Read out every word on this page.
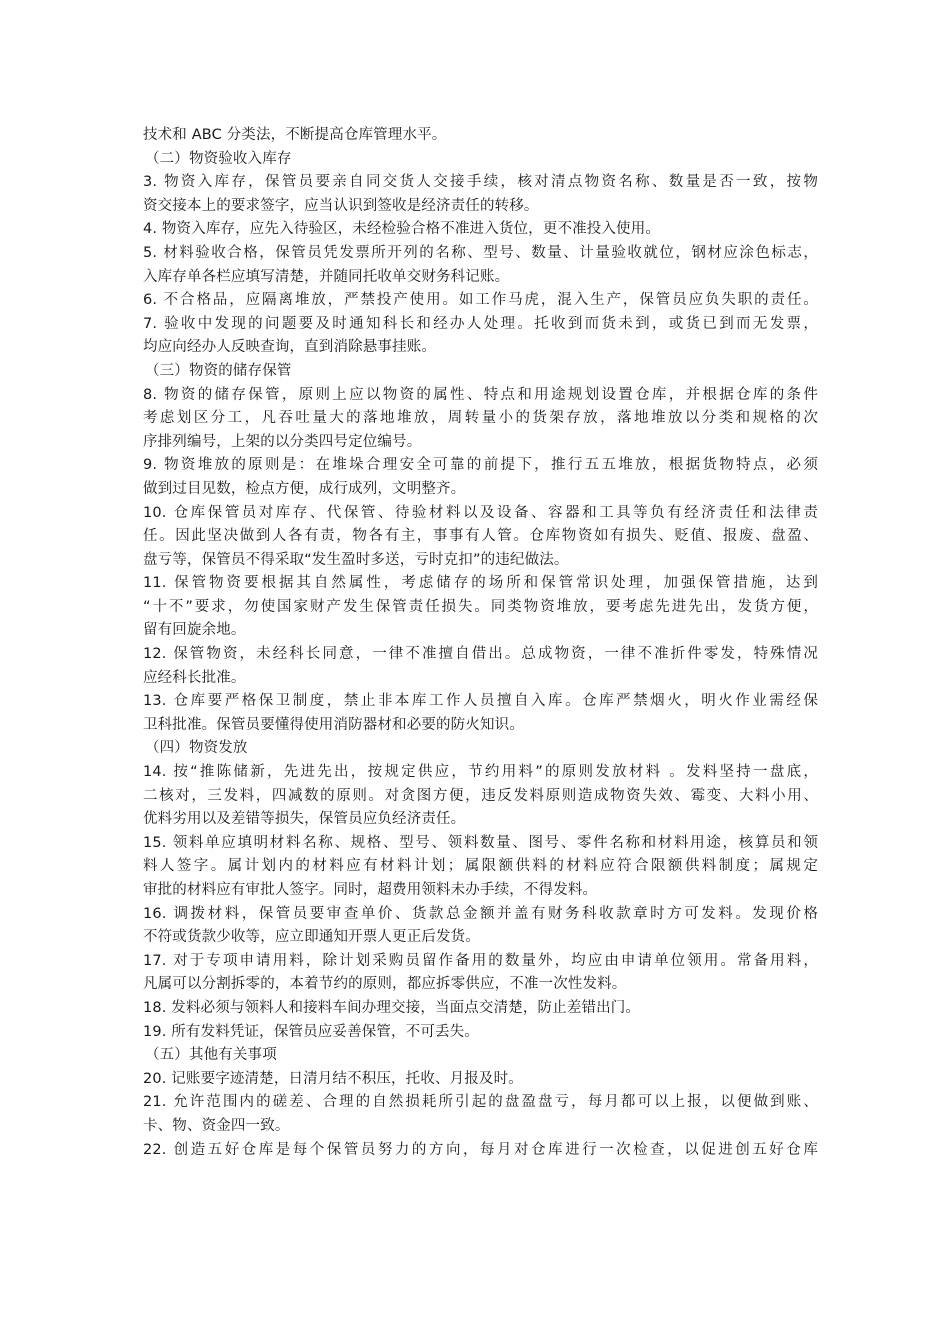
技术和 ABC 分类法，不断提高仓库管理水平。
（二）物资验收入库存
3. 物资入库存，保管员要亲自同交货人交接手续，核对清点物资名称、数量是否一致，按物
资交接本上的要求签字，应当认识到签收是经济责任的转移。
4. 物资入库存，应先入待验区，未经检验合格不准进入货位，更不准投入使用。
5. 材料验收合格，保管员凭发票所开列的名称、型号、数量、计量验收就位，钢材应涂色标志，
入库存单各栏应填写清楚，并随同托收单交财务科记账。
6. 不合格品，应隔离堆放，严禁投产使用。如工作马虎，混入生产，保管员应负失职的责任。
7. 验收中发现的问题要及时通知科长和经办人处理。托收到而货未到，或货已到而无发票，
均应向经办人反映查询，直到消除悬事挂账。
（三）物资的储存保管
8. 物资的储存保管，原则上应以物资的属性、特点和用途规划设置仓库，并根据仓库的条件
考虑划区分工，凡吞吐量大的落地堆放，周转量小的货架存放，落地堆放以分类和规格的次
序排列编号，上架的以分类四号定位编号。
9. 物资堆放的原则是：在堆垛合理安全可靠的前提下，推行五五堆放，根据货物特点，必须
做到过目见数，检点方便，成行成列，文明整齐。
10. 仓库保管员对库存、代保管、待验材料以及设备、容器和工具等负有经济责任和法律责
任。因此坚决做到人各有责，物各有主，事事有人管。仓库物资如有损失、贬值、报废、盘盈、
盘亏等，保管员不得采取“发生盈时多送，亏时克扣”的违纪做法。
11. 保管物资要根据其自然属性，考虑储存的场所和保管常识处理，加强保管措施，达到
“十不”要求，勿使国家财产发生保管责任损失。同类物资堆放，要考虑先进先出，发货方便，
留有回旋余地。
12. 保管物资，未经科长同意，一律不准擅自借出。总成物资，一律不准折件零发，特殊情况
应经科长批准。
13. 仓库要严格保卫制度，禁止非本库工作人员擅自入库。仓库严禁烟火，明火作业需经保
卫科批准。保管员要懂得使用消防器材和必要的防火知识。
（四）物资发放
14. 按“推陈储新，先进先出，按规定供应，节约用料”的原则发放材料 。发料坚持一盘底，
二核对，三发料，四减数的原则。对贪图方便，违反发料原则造成物资失效、霉变、大料小用、
优料劣用以及差错等损失，保管员应负经济责任。
15. 领料单应填明材料名称、规格、型号、领料数量、图号、零件名称和材料用途，核算员和领
料人签字。属计划内的材料应有材料计划；属限额供料的材料应符合限额供料制度；属规定
审批的材料应有审批人签字。同时，超费用领料未办手续，不得发料。
16. 调拨材料，保管员要审查单价、货款总金额并盖有财务科收款章时方可发料。发现价格
不符或货款少收等，应立即通知开票人更正后发货。
17. 对于专项申请用料，除计划采购员留作备用的数量外，均应由申请单位领用。常备用料，
凡属可以分割拆零的，本着节约的原则，都应拆零供应，不准一次性发料。
18. 发料必须与领料人和接料车间办理交接，当面点交清楚，防止差错出门。
19. 所有发料凭证，保管员应妥善保管，不可丢失。
（五）其他有关事项
20. 记账要字迹清楚，日清月结不积压，托收、月报及时。
21. 允许范围内的磋差、合理的自然损耗所引起的盘盈盘亏，每月都可以上报，以便做到账、
卡、物、资金四一致。
22. 创造五好仓库是每个保管员努力的方向，每月对仓库进行一次检查，以促进创五好仓库
